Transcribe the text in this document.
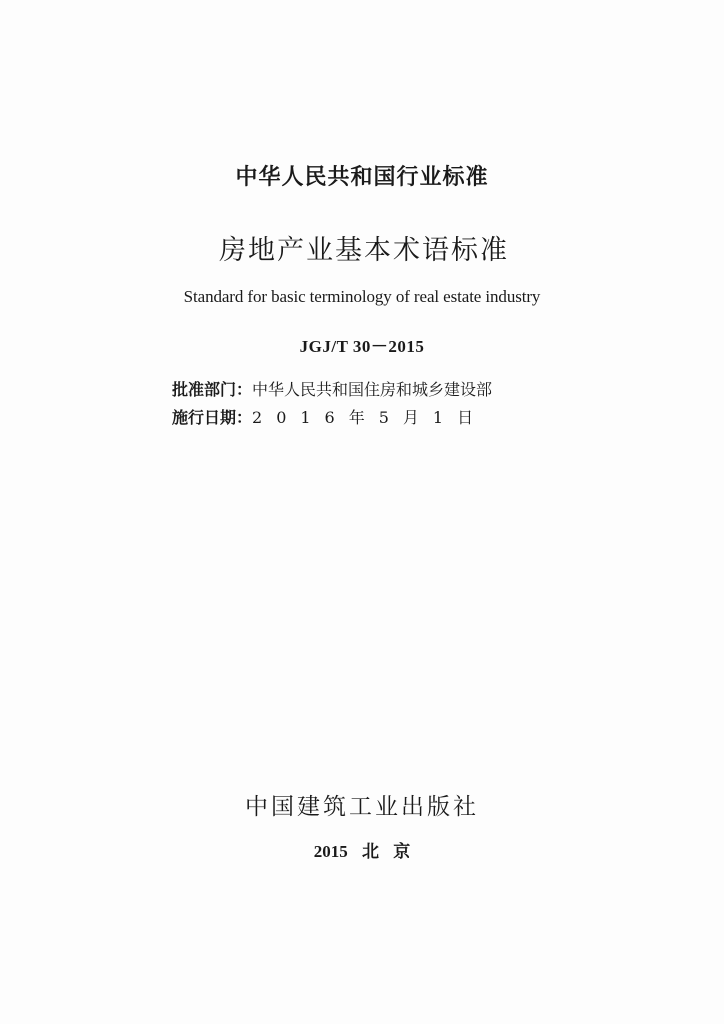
中华人民共和国行业标准
房地产业基本术语标准
Standard for basic terminology of real estate industry
JGJ/T 30－2015
批准部门：中华人民共和国住房和城乡建设部
施行日期：2016年5月1日
中国建筑工业出版社
2015 北 京
